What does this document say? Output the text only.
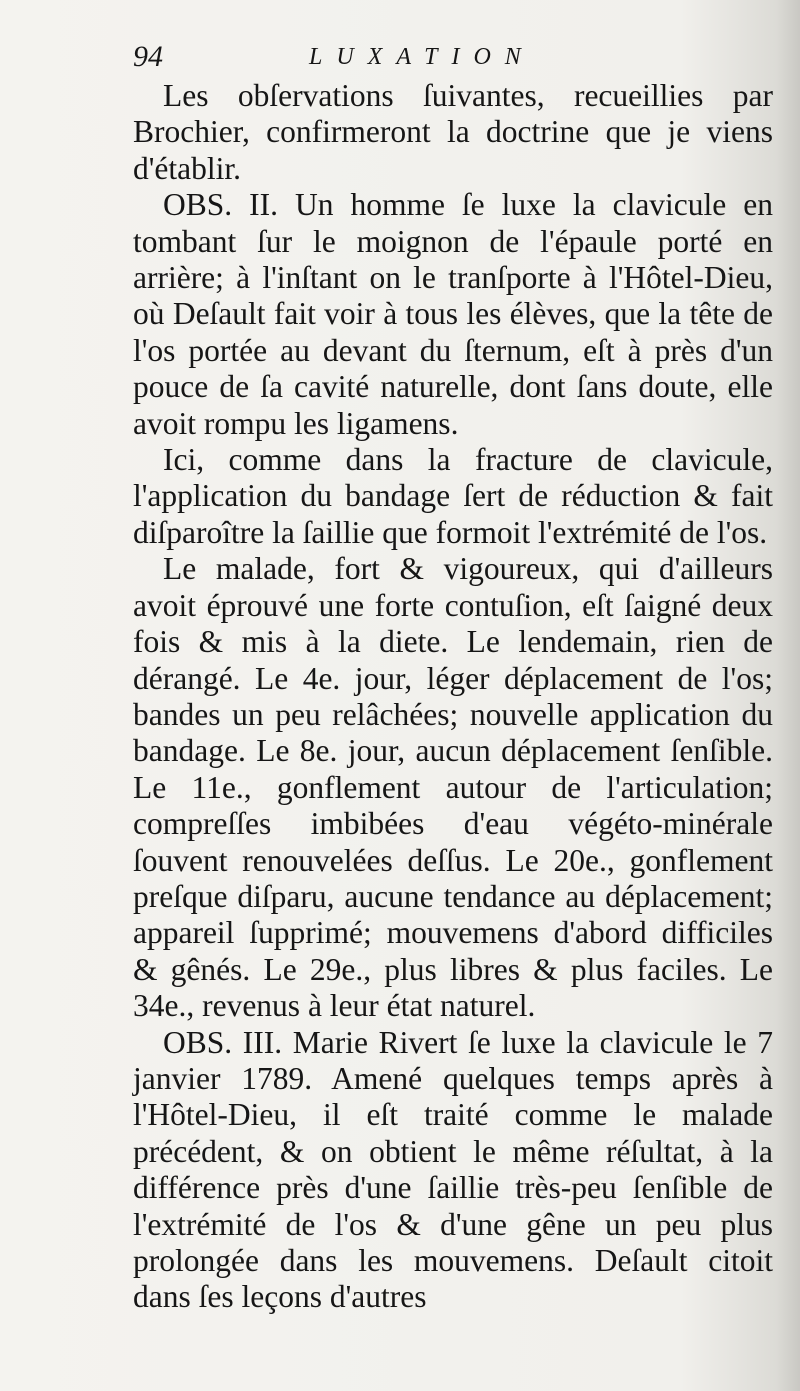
94	LUXATION

Les obſervations ſuivantes, recueillies par Brochier, confirmeront la doctrine que je viens d'établir.

OBS. II. Un homme ſe luxe la clavicule en tombant ſur le moignon de l'épaule porté en arrière; à l'inſtant on le tranſporte à l'Hôtel-Dieu, où Deſault fait voir à tous les élèves, que la tête de l'os portée au devant du ſternum, eſt à près d'un pouce de ſa cavité naturelle, dont ſans doute, elle avoit rompu les ligamens.

Ici, comme dans la fracture de clavicule, l'application du bandage ſert de réduction & fait diſparoître la ſaillie que formoit l'extrémité de l'os.

Le malade, fort & vigoureux, qui d'ailleurs avoit éprouvé une forte contuſion, eſt ſaigné deux fois & mis à la diete. Le lendemain, rien de dérangé. Le 4e. jour, léger déplacement de l'os; bandes un peu relâchées; nouvelle application du bandage. Le 8e. jour, aucun déplacement ſenſible. Le 11e., gonflement autour de l'articulation; compreſſes imbibées d'eau végéto-minérale ſouvent renouvelées deſſus. Le 20e., gonflement preſque diſparu, aucune tendance au déplacement; appareil ſupprimé; mouvemens d'abord difficiles & gênés. Le 29e., plus libres & plus faciles. Le 34e., revenus à leur état naturel.

OBS. III. Marie Rivert ſe luxe la clavicule le 7 janvier 1789. Amené quelques temps après à l'Hôtel-Dieu, il eſt traité comme le malade précédent, & on obtient le même réſultat, à la différence près d'une ſaillie très-peu ſenſible de l'extrémité de l'os & d'une gêne un peu plus prolongée dans les mouvemens. Deſault citoit dans ſes leçons d'autres
